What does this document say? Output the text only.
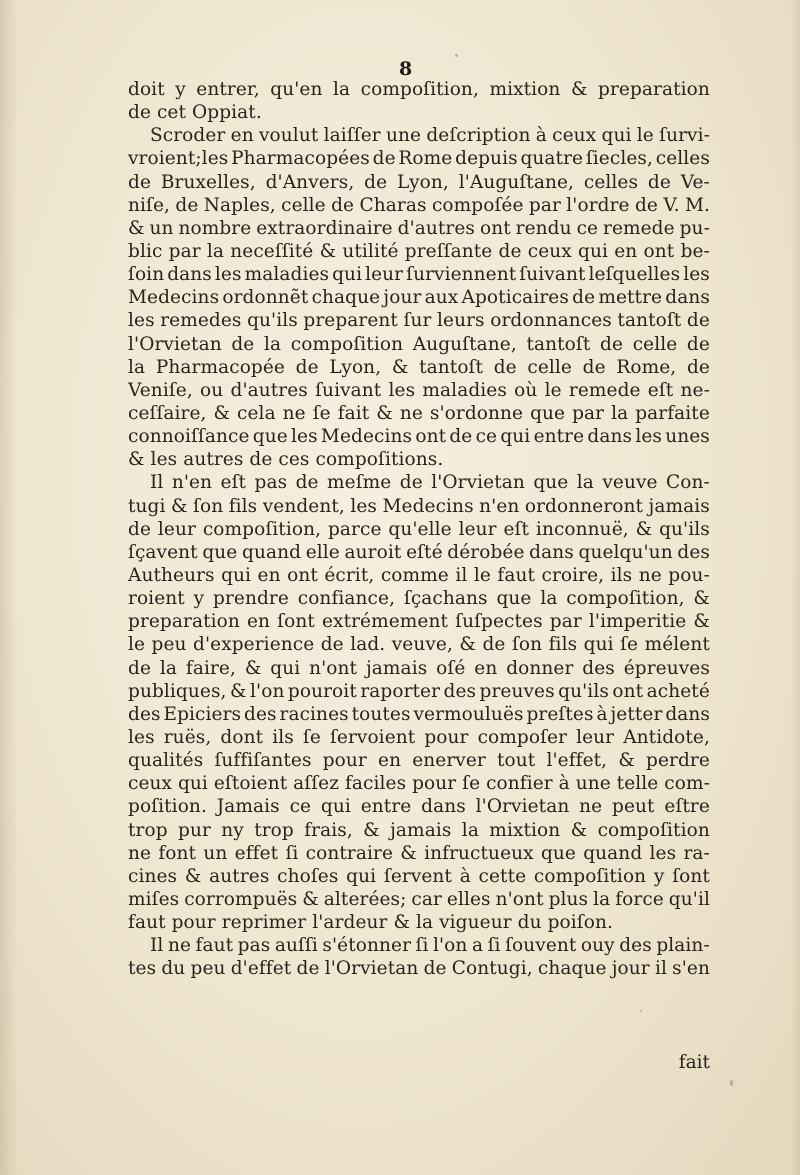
8
doit y entrer, qu'en la compoſition, mixtion & preparation
de cet Oppiat.
Scroder en voulut laiſſer une deſcription à ceux qui le ſurvi-
vroient;les Pharmacopées de Rome depuis quatre ſiecles, celles
de Bruxelles, d'Anvers, de Lyon, l'Auguſtane, celles de Ve-
niſe, de Naples, celle de Charas compoſée par l'ordre de V. M.
& un nombre extraordinaire d'autres ont rendu ce remede pu-
blic par la neceſſité & utilité preſſante de ceux qui en ont be-
ſoin dans les maladies qui leur ſurviennent ſuivant leſquelles les
Medecins ordonnẽt chaque jour aux Apoticaires de mettre dans
les remedes qu'ils preparent ſur leurs ordonnances tantoſt de
l'Orvietan de la compoſition Auguſtane, tantoſt de celle de
la Pharmacopée de Lyon, & tantoſt de celle de Rome, de
Veniſe, ou d'autres ſuivant les maladies où le remede eſt ne-
ceſſaire, & cela ne ſe fait & ne s'ordonne que par la parfaite
connoiſſance que les Medecins ont de ce qui entre dans les unes
& les autres de ces compoſitions.
Il n'en eſt pas de meſme de l'Orvietan que la veuve Con-
tugi & ſon fils vendent, les Medecins n'en ordonneront jamais
de leur compoſition, parce qu'elle leur eſt inconnuë, & qu'ils
ſçavent que quand elle auroit eſté dérobée dans quelqu'un des
Autheurs qui en ont écrit, comme il le faut croire, ils ne pou-
roient y prendre confiance, ſçachans que la compoſition, &
preparation en ſont extrémement ſuſpectes par l'imperitie &
le peu d'experience de lad. veuve, & de ſon fils qui ſe mélent
de la faire, & qui n'ont jamais oſé en donner des épreuves
publiques, & l'on pouroit raporter des preuves qu'ils ont acheté
des Epiciers des racines toutes vermouluës preſtes à jetter dans
les ruës, dont ils ſe ſervoient pour compoſer leur Antidote,
qualités ſuffiſantes pour en enerver tout l'effet, & perdre
ceux qui eſtoient aſſez faciles pour ſe confier à une telle com-
poſition. Jamais ce qui entre dans l'Orvietan ne peut eſtre
trop pur ny trop frais, & jamais la mixtion & compoſition
ne font un effet ſi contraire & infructueux que quand les ra-
cines & autres choſes qui ſervent à cette compoſition y ſont
miſes corrompuës & alterées; car elles n'ont plus la force qu'il
faut pour reprimer l'ardeur & la vigueur du poiſon.
Il ne faut pas auſſi s'étonner ſi l'on a ſi ſouvent ouy des plain-
tes du peu d'effet de l'Orvietan de Contugi, chaque jour il s'en
fait
